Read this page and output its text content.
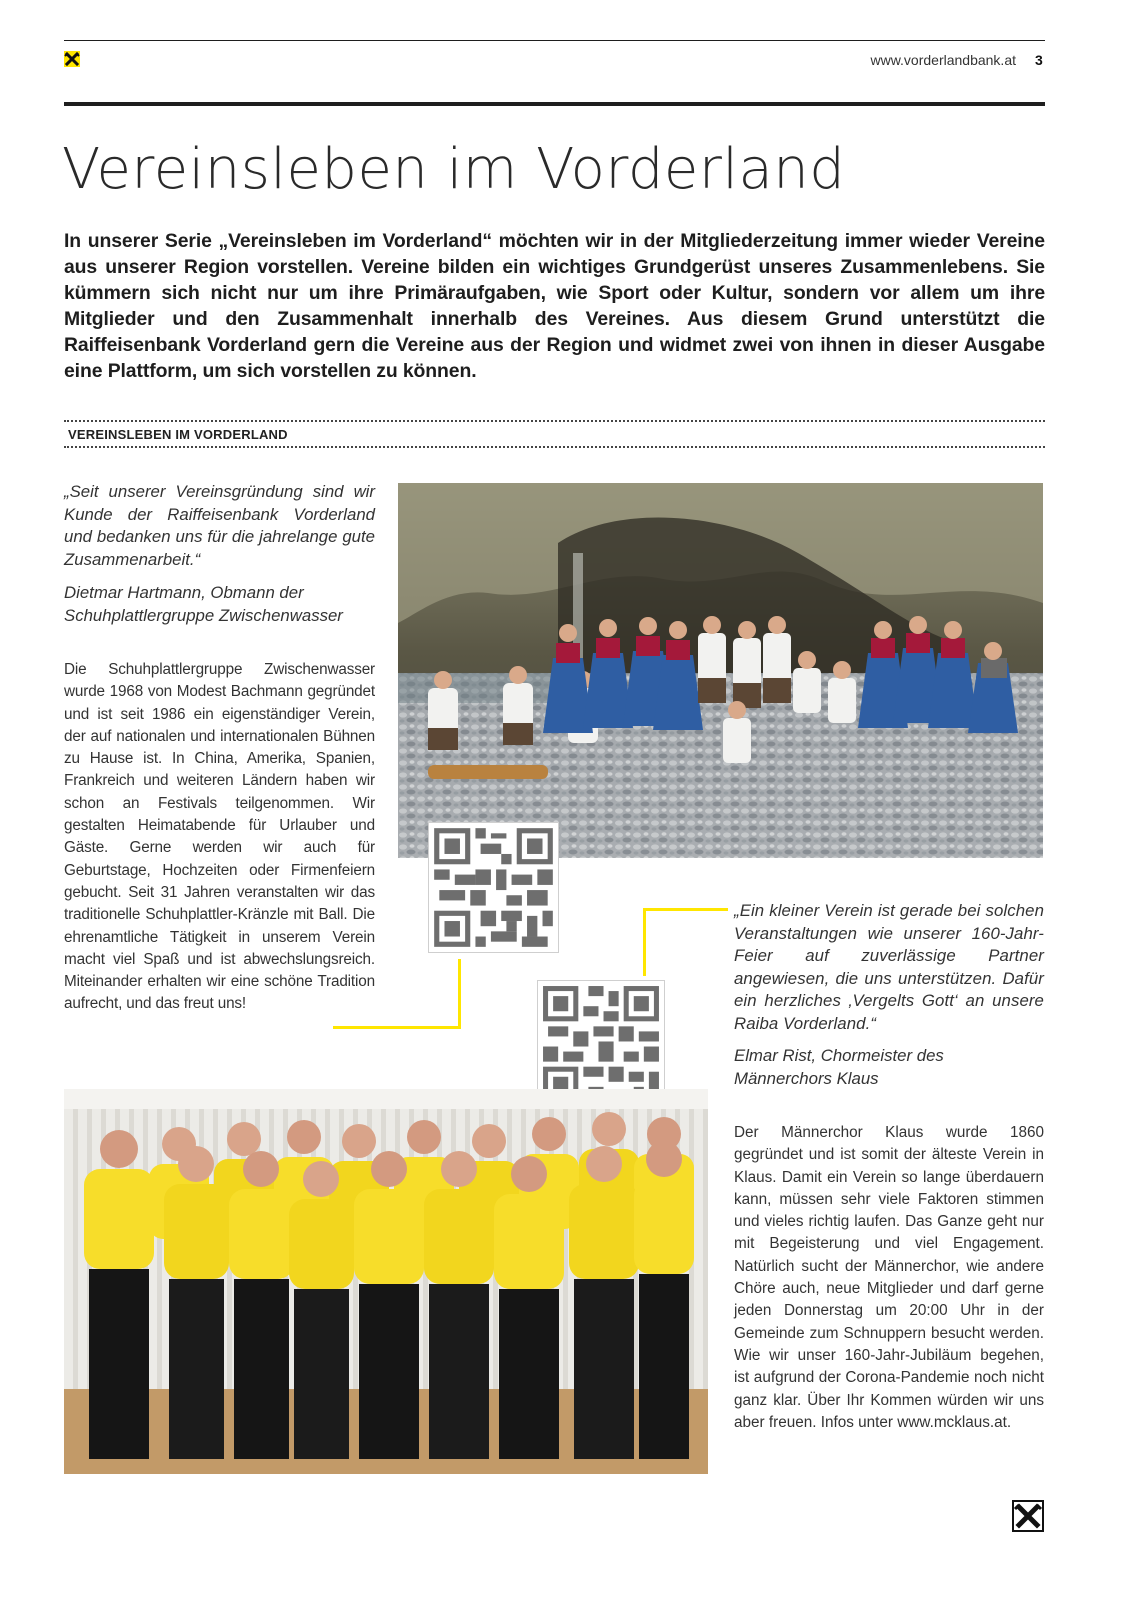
www.vorderlandbank.at 3
Vereinsleben im Vorderland

In unserer Serie „Vereinsleben im Vorderland“ möchten wir in der Mitgliederzeitung immer wieder Vereine aus unserer Region vorstellen. Vereine bilden ein wichtiges Grundgerüst unseres Zusammenlebens. Sie kümmern sich nicht nur um ihre Primäraufgaben, wie Sport oder Kultur, sondern vor allem um ihre Mitglieder und den Zusammenhalt innerhalb des Vereines. Aus diesem Grund unterstützt die Raiffeisenbank Vorderland gern die Vereine aus der Region und widmet zwei von ihnen in dieser Ausgabe eine Plattform, um sich vorstellen zu können.

VEREINSLEBEN IM VORDERLAND

„Seit unserer Vereinsgründung sind wir Kunde der Raiffeisenbank Vorderland und bedanken uns für die jahrelange gute Zusammenarbeit.“

Dietmar Hartmann, Obmann der Schuhplattlergruppe Zwischenwasser

Die Schuhplattlergruppe Zwischenwasser wurde 1968 von Modest Bachmann gegründet und ist seit 1986 ein eigenständiger Verein, der auf nationalen und internationalen Bühnen zu Hause ist. In China, Amerika, Spanien, Frankreich und weiteren Ländern haben wir schon an Festivals teilgenommen. Wir gestalten Heimatabende für Urlauber und Gäste. Gerne werden wir auch für Geburtstage, Hochzeiten oder Firmenfeiern gebucht. Seit 31 Jahren veranstalten wir das traditionelle Schuhplattler-Kränzle mit Ball. Die ehrenamtliche Tätigkeit in unserem Verein macht viel Spaß und ist abwechslungsreich. Miteinander erhalten wir eine schöne Tradition aufrecht, und das freut uns!

„Ein kleiner Verein ist gerade bei solchen Veranstaltungen wie unserer 160-Jahr-Feier auf zuverlässige Partner angewiesen, die uns unterstützen. Dafür ein herzliches ‚Vergelts Gott‘ an unsere Raiba Vorderland.“

Elmar Rist, Chormeister des Männerchors Klaus

Der Männerchor Klaus wurde 1860 gegründet und ist somit der älteste Verein in Klaus. Damit ein Verein so lange überdauern kann, müssen sehr viele Faktoren stimmen und vieles richtig laufen. Das Ganze geht nur mit Begeisterung und viel Engagement. Natürlich sucht der Männerchor, wie andere Chöre auch, neue Mitglieder und darf gerne jeden Donnerstag um 20:00 Uhr in der Gemeinde zum Schnuppern besucht werden. Wie wir unser 160-Jahr-Jubiläum begehen, ist aufgrund der Corona-Pandemie noch nicht ganz klar. Über Ihr Kommen würden wir uns aber freuen. Infos unter www.mcklaus.at.
